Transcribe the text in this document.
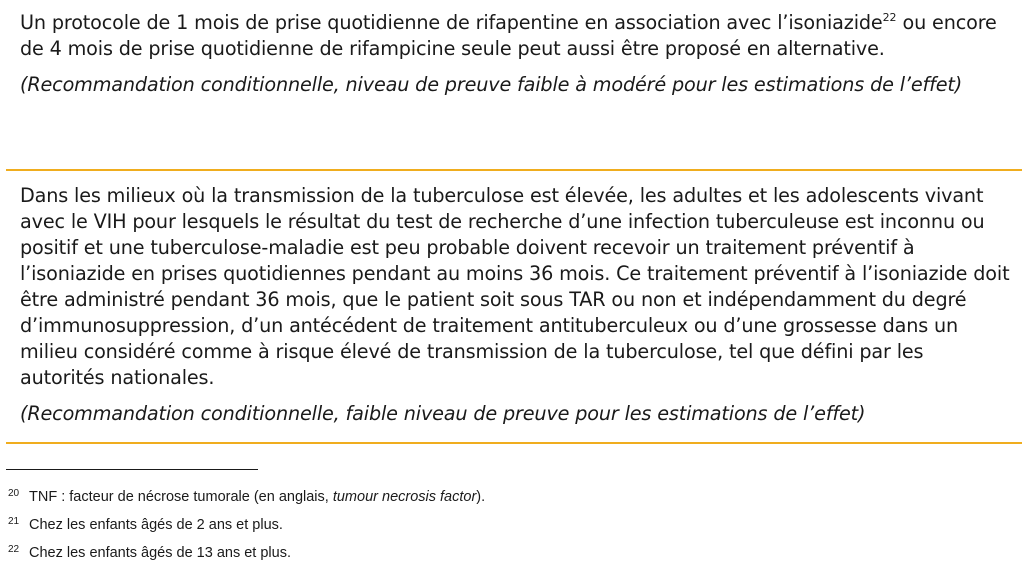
Un protocole de 1 mois de prise quotidienne de rifapentine en association avec l’isoniazide$^{22}$ ou encore de 4 mois de prise quotidienne de rifampicine seule peut aussi être proposé en alternative.

(Recommandation conditionnelle, niveau de preuve faible à modéré pour les estimations de l’effet)

Dans les milieux où la transmission de la tuberculose est élevée, les adultes et les adolescents vivant avec le VIH pour lesquels le résultat du test de recherche d’une infection tuberculeuse est inconnu ou positif et une tuberculose-maladie est peu probable doivent recevoir un traitement préventif à l’isoniazide en prises quotidiennes pendant au moins 36 mois. Ce traitement préventif à l’isoniazide doit être administré pendant 36 mois, que le patient soit sous TAR ou non et indépendamment du degré d’immunosuppression, d’un antécédent de traitement antituberculeux ou d’une grossesse dans un milieu considéré comme à risque élevé de transmission de la tuberculose, tel que défini par les autorités nationales.

(Recommandation conditionnelle, faible niveau de preuve pour les estimations de l’effet)

20 TNF : facteur de nécrose tumorale (en anglais, tumour necrosis factor).
21 Chez les enfants âgés de 2 ans et plus.
22 Chez les enfants âgés de 13 ans et plus.
